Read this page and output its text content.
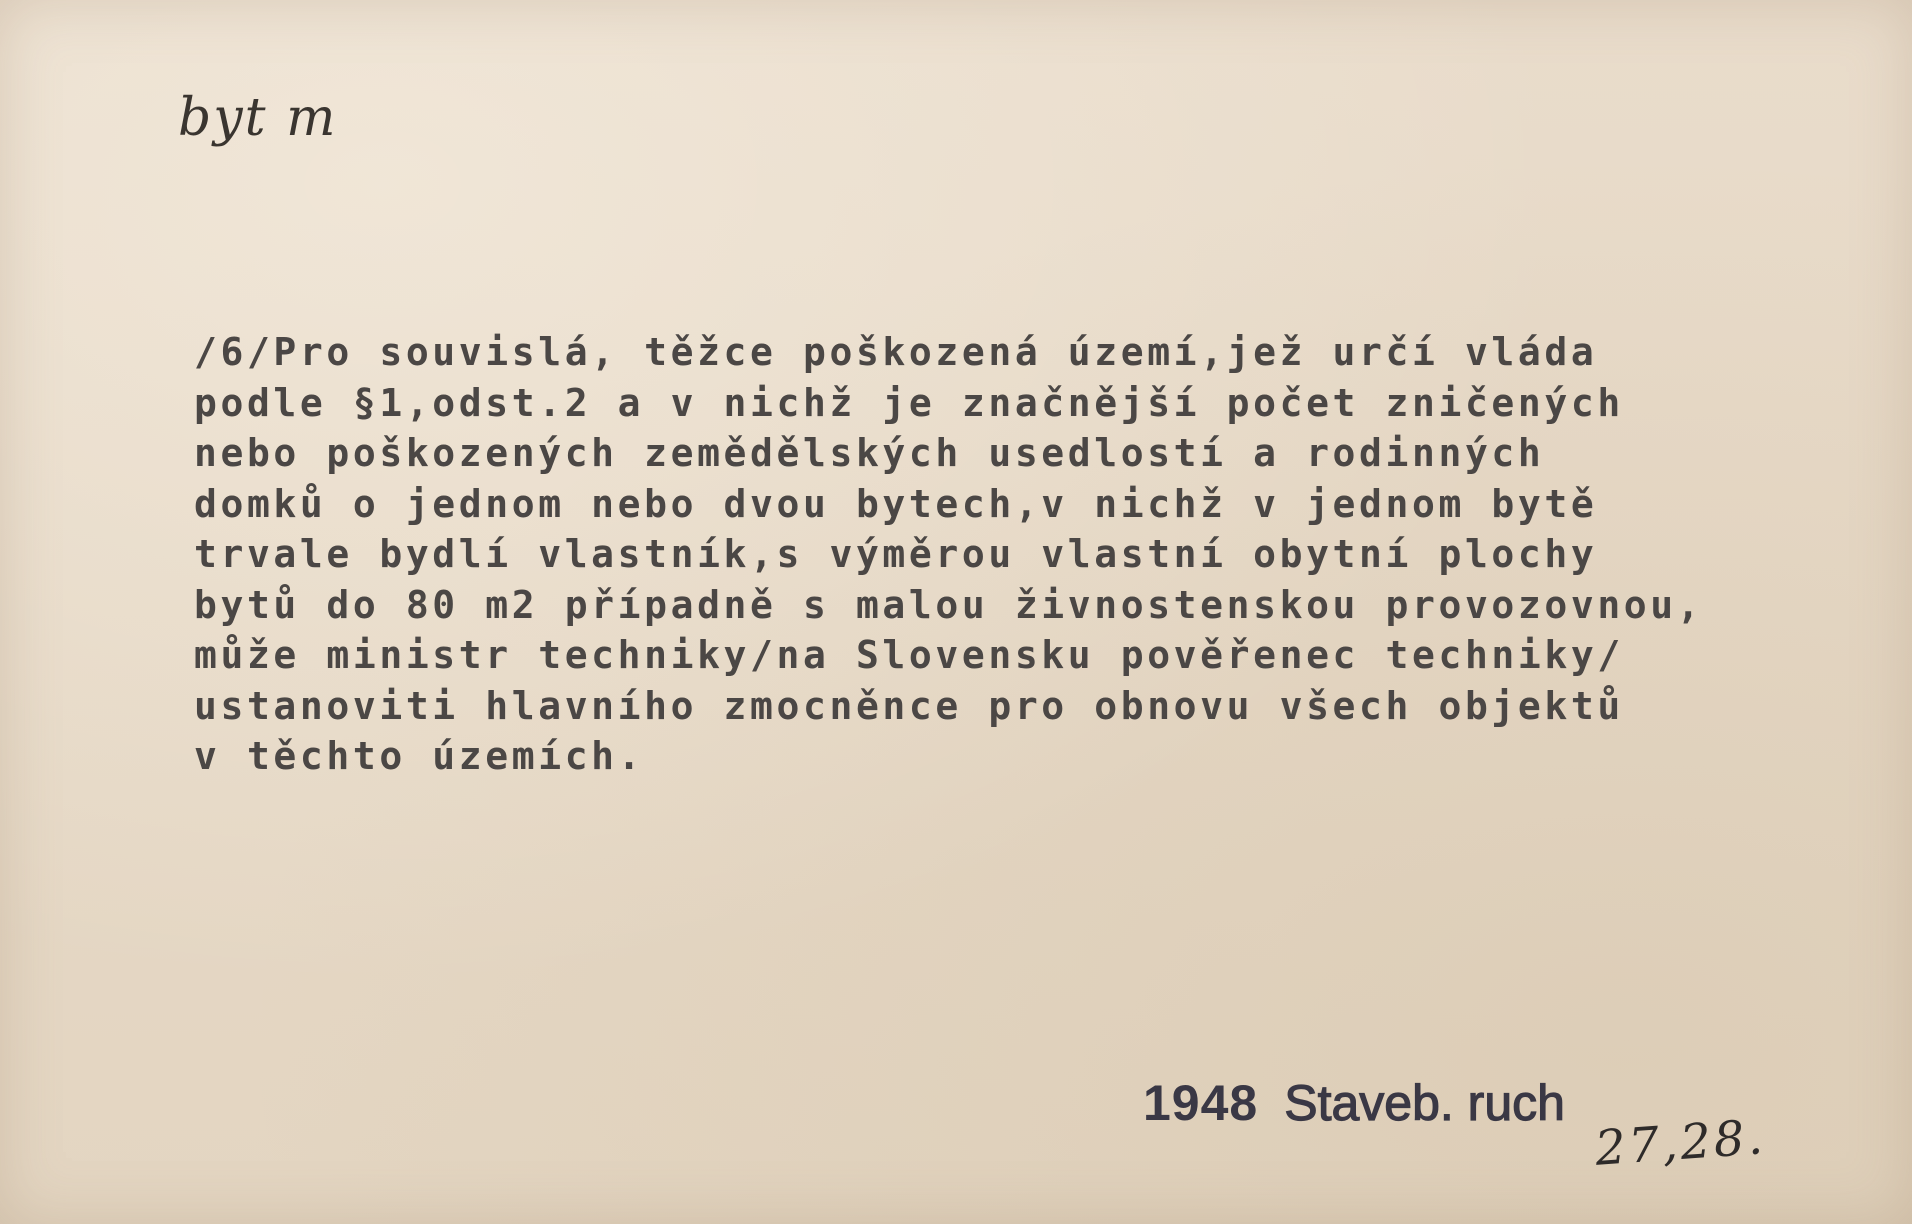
byt m
/6/Pro souvislá, těžce poškozená území,jež určí vláda
podle §1,odst.2 a v nichž je značnější počet zničených
nebo poškozených zemědělských usedlostí a rodinných
domků o jednom nebo dvou bytech,v nichž v jednom bytě
trvale bydlí vlastník,s výměrou vlastní obytní plochy
bytů do 80 m2 případně s malou živnostenskou provozovnou,
může ministr techniky/na Slovensku pověřenec techniky/
ustanoviti hlavního zmocněnce pro obnovu všech objektů
v těchto územích.
1948 Staveb. ruch
27,28.
